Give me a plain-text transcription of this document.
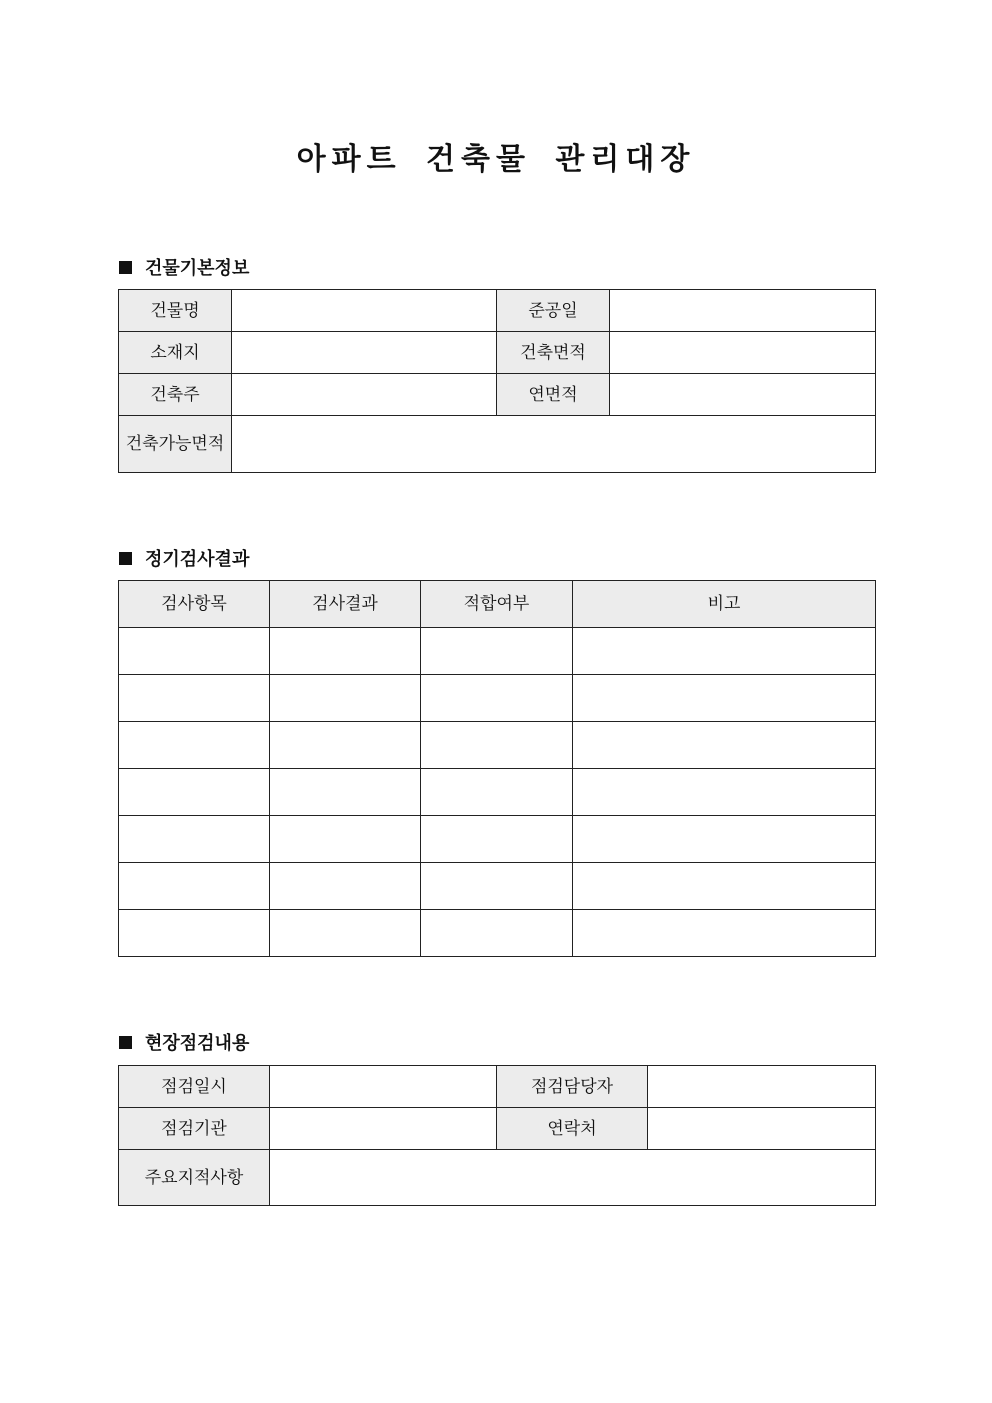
아파트 건축물 관리대장
건물기본정보
건물명		준공일	
소재지		건축면적	
건축주		연면적	
건축가능면적			
정기검사결과
검사항목	검사결과	적합여부	비고

현장점검내용
점검일시		점검담당자	
점검기관		연락처	
주요지적사항			
